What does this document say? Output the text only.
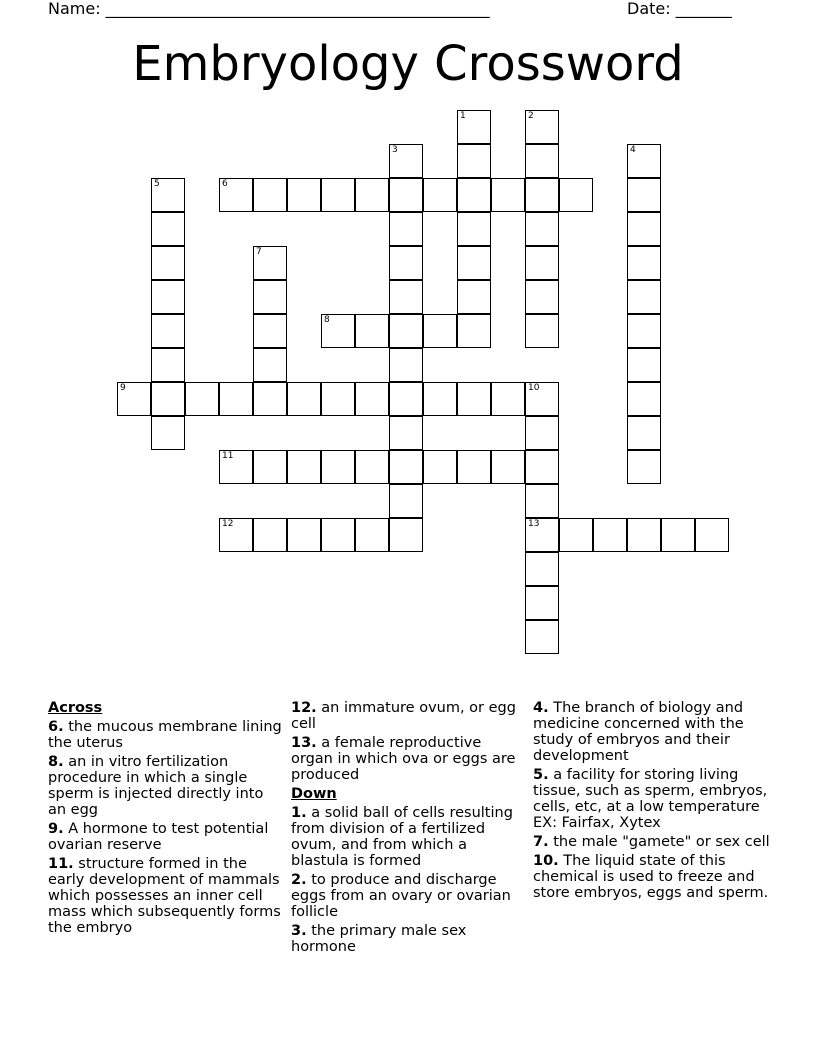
Name: ________________________________________________	Date: _______
Embryology Crossword
1	2
3	4
5	6
7
8
9	10
13
11
12
Across
6. the mucous membrane lining the uterus
8. an in vitro fertilization procedure in which a single sperm is injected directly into an egg
9. A hormone to test potential ovarian reserve
11. structure formed in the early development of mammals which possesses an inner cell mass which subsequently forms the embryo
12. an immature ovum, or egg cell
13. a female reproductive organ in which ova or eggs are produced
Down
1. a solid ball of cells resulting from division of a fertilized ovum, and from which a blastula is formed
2. to produce and discharge eggs from an ovary or ovarian follicle
3. the primary male sex hormone
4. The branch of biology and medicine concerned with the study of embryos and their development
5. a facility for storing living tissue, such as sperm, embryos, cells, etc, at a low temperature EX: Fairfax, Xytex
7. the male "gamete" or sex cell
10. The liquid state of this chemical is used to freeze and store embryos, eggs and sperm.
